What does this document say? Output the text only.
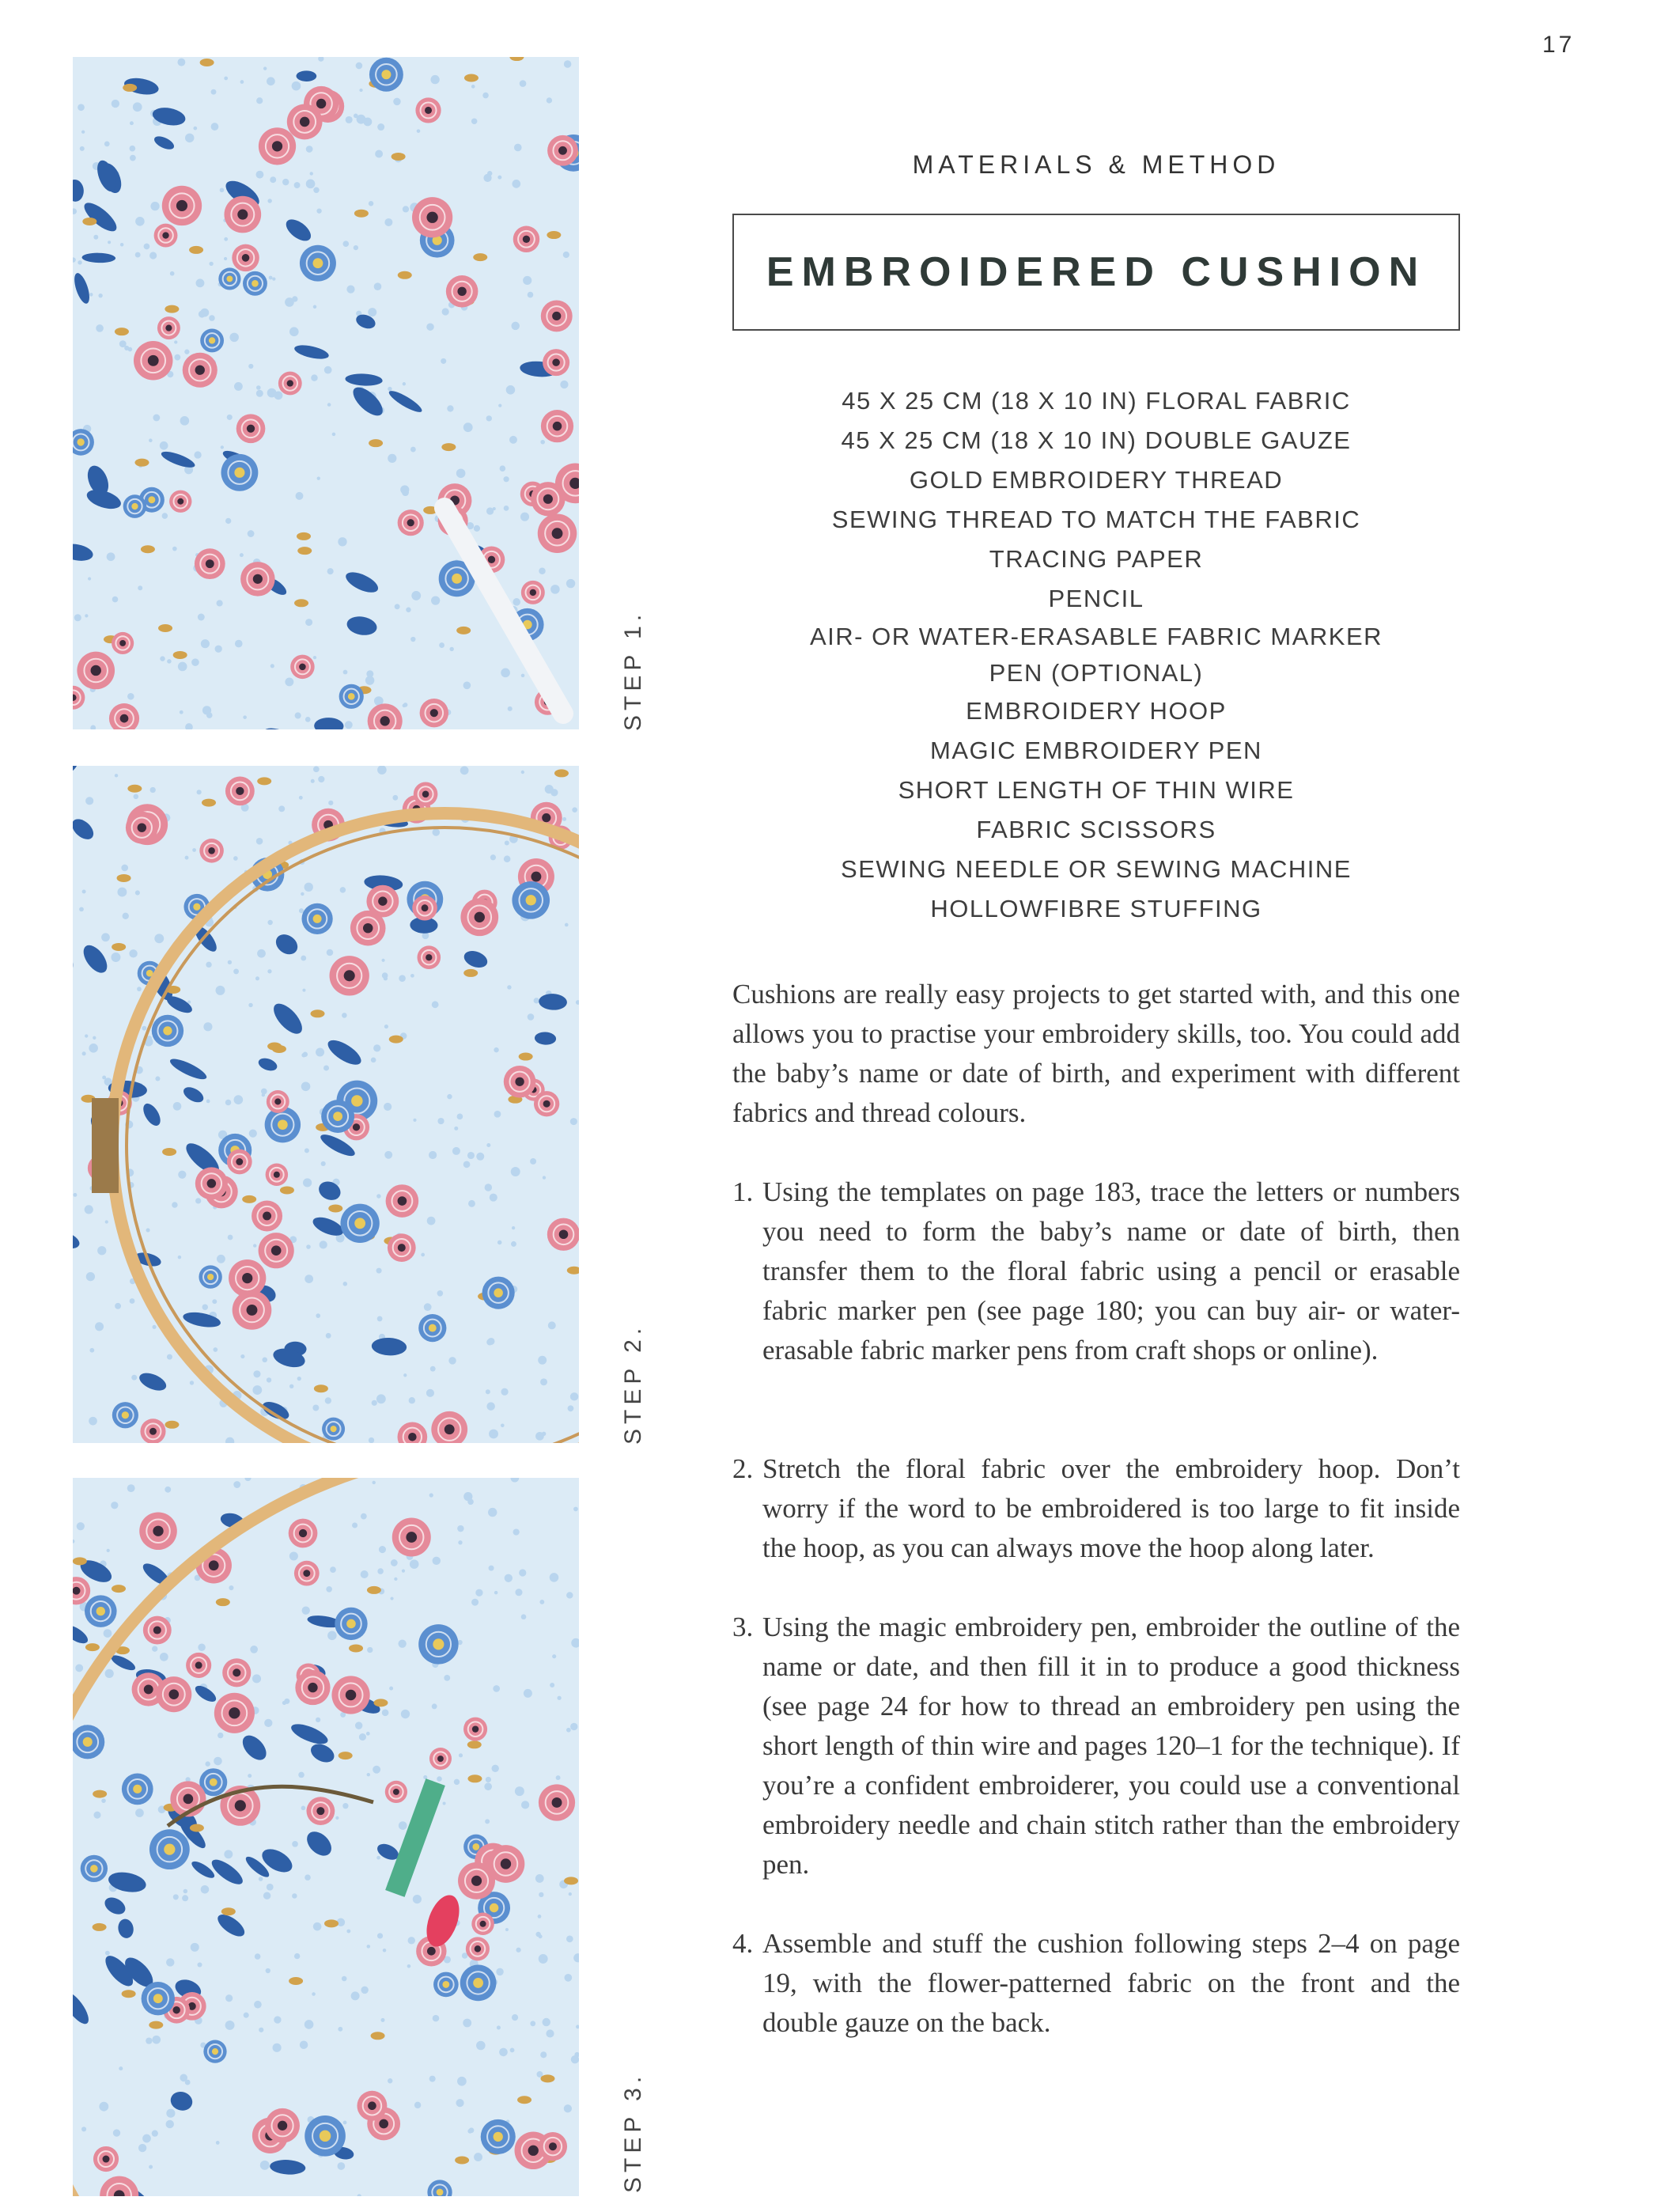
17
STEP 1.
STEP 2.
STEP 3.
MATERIALS & METHOD
EMBROIDERED CUSHION
45 X 25 CM (18 X 10 IN) FLORAL FABRIC
45 X 25 CM (18 X 10 IN) DOUBLE GAUZE
GOLD EMBROIDERY THREAD
SEWING THREAD TO MATCH THE FABRIC
TRACING PAPER
PENCIL
AIR- OR WATER-ERASABLE FABRIC MARKER
PEN (OPTIONAL)
EMBROIDERY HOOP
MAGIC EMBROIDERY PEN
SHORT LENGTH OF THIN WIRE
FABRIC SCISSORS
SEWING NEEDLE OR SEWING MACHINE
HOLLOWFIBRE STUFFING

Cushions are really easy projects to get started with, and this one allows you to practise your embroidery skills, too. You could add the baby’s name or date of birth, and experiment with different fabrics and thread colours.

1. Using the templates on page 183, trace the letters or numbers you need to form the baby’s name or date of birth, then transfer them to the floral fabric using a pencil or erasable fabric marker pen (see page 180; you can buy air- or water-erasable fabric marker pens from craft shops or online).
2. Stretch the floral fabric over the embroidery hoop. Don’t worry if the word to be embroidered is too large to fit inside the hoop, as you can always move the hoop along later.
3. Using the magic embroidery pen, embroider the outline of the name or date, and then fill it in to produce a good thickness (see page 24 for how to thread an embroidery pen using the short length of thin wire and pages 120–1 for the technique). If you’re a confident embroiderer, you could use a conventional embroidery needle and chain stitch rather than the embroidery pen.
4. Assemble and stuff the cushion following steps 2–4 on page 19, with the flower-patterned fabric on the front and the double gauze on the back.
